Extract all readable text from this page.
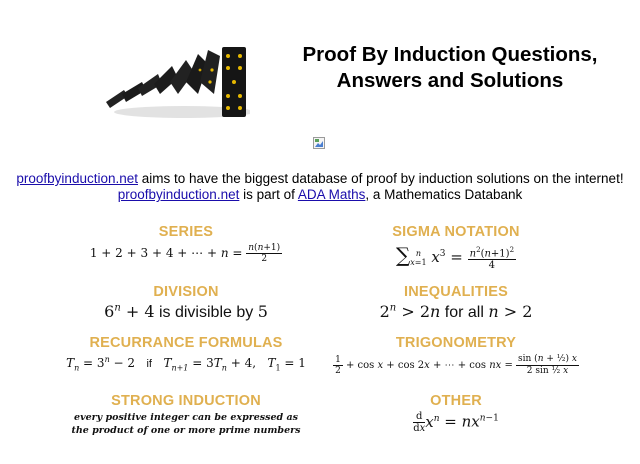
Proof By Induction Questions,
Answers and Solutions
proofbyinduction.net aims to have the biggest database of proof by induction solutions on the internet!
proofbyinduction.net is part of ADA Maths, a Mathematics Databank
SERIES
1 + 2 + 3 + 4 + ⋯ + $n = \frac{n(n+1)}{2}$
SIGMA NOTATION
∑ n
x=1 $x^3 = \frac{n^2(n+1)^2}{4}$
DIVISION
$6^n + 4$ is divisible by 5
INEQUALITIES
$2^n > 2n$ for all n > 2
RECURRANCE FORMULAS
$T_n = 3^n - 2$   if $T_{n+1} = 3T_n + 4$,   $T_1 = 1$
TRIGONOMETRY
$\frac{1}{2} + \cos x + \cos 2x$ + ⋯ + cos nx = $\frac{\text{sin (n + ½) x}}{\text{2 sin ½ x}}$
STRONG INDUCTION
every positive integer can be expressed as
the product of one or more prime numbers
OTHER
$\frac{d}{dx} x^n = nx^{n-1}$
